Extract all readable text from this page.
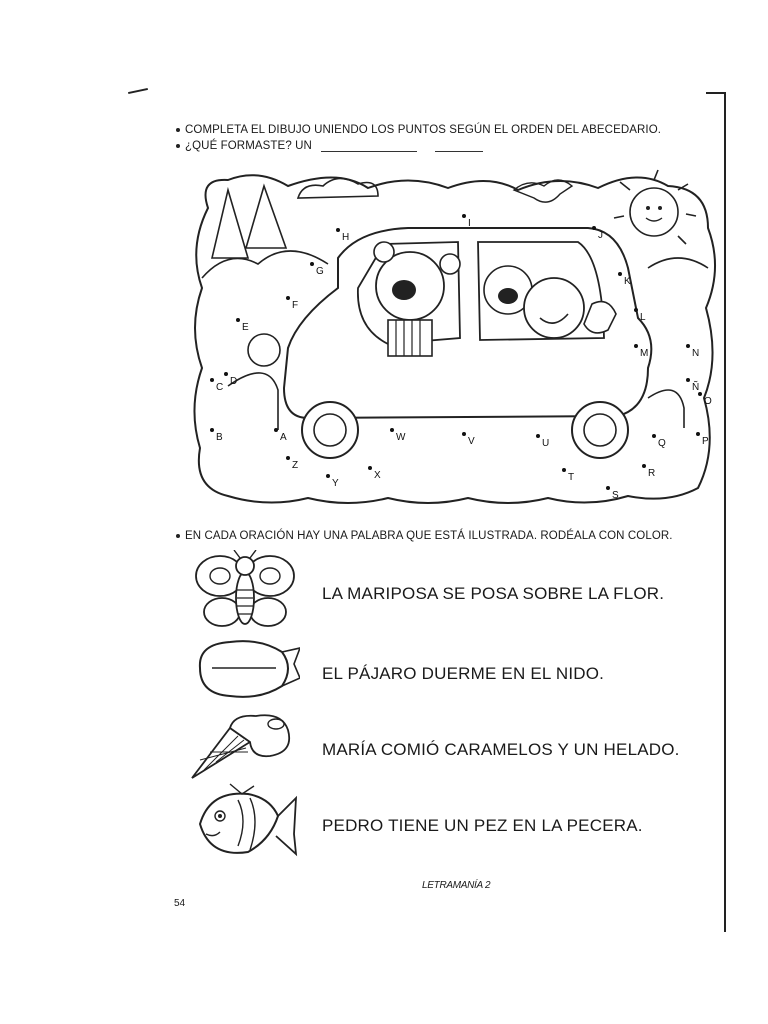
COMPLETA EL DIBUJO UNIENDO LOS PUNTOS SEGÚN EL ORDEN DEL ABECEDARIO.
¿QUÉ FORMASTE? UN
A
B
C
D
E
F
G
H
I
J
K
L
M	N
Ñ
O
P
Q
R
S
T
U
V
W
X
Y
Z
EN CADA ORACIÓN HAY UNA PALABRA QUE ESTÁ ILUSTRADA. RODÉALA CON COLOR.
LA MARIPOSA SE POSA SOBRE LA FLOR.
EL PÁJARO DUERME EN EL NIDO.
MARÍA COMIÓ CARAMELOS Y UN HELADO.
PEDRO TIENE UN PEZ EN LA PECERA.
LETRAMANÍA 2
54
